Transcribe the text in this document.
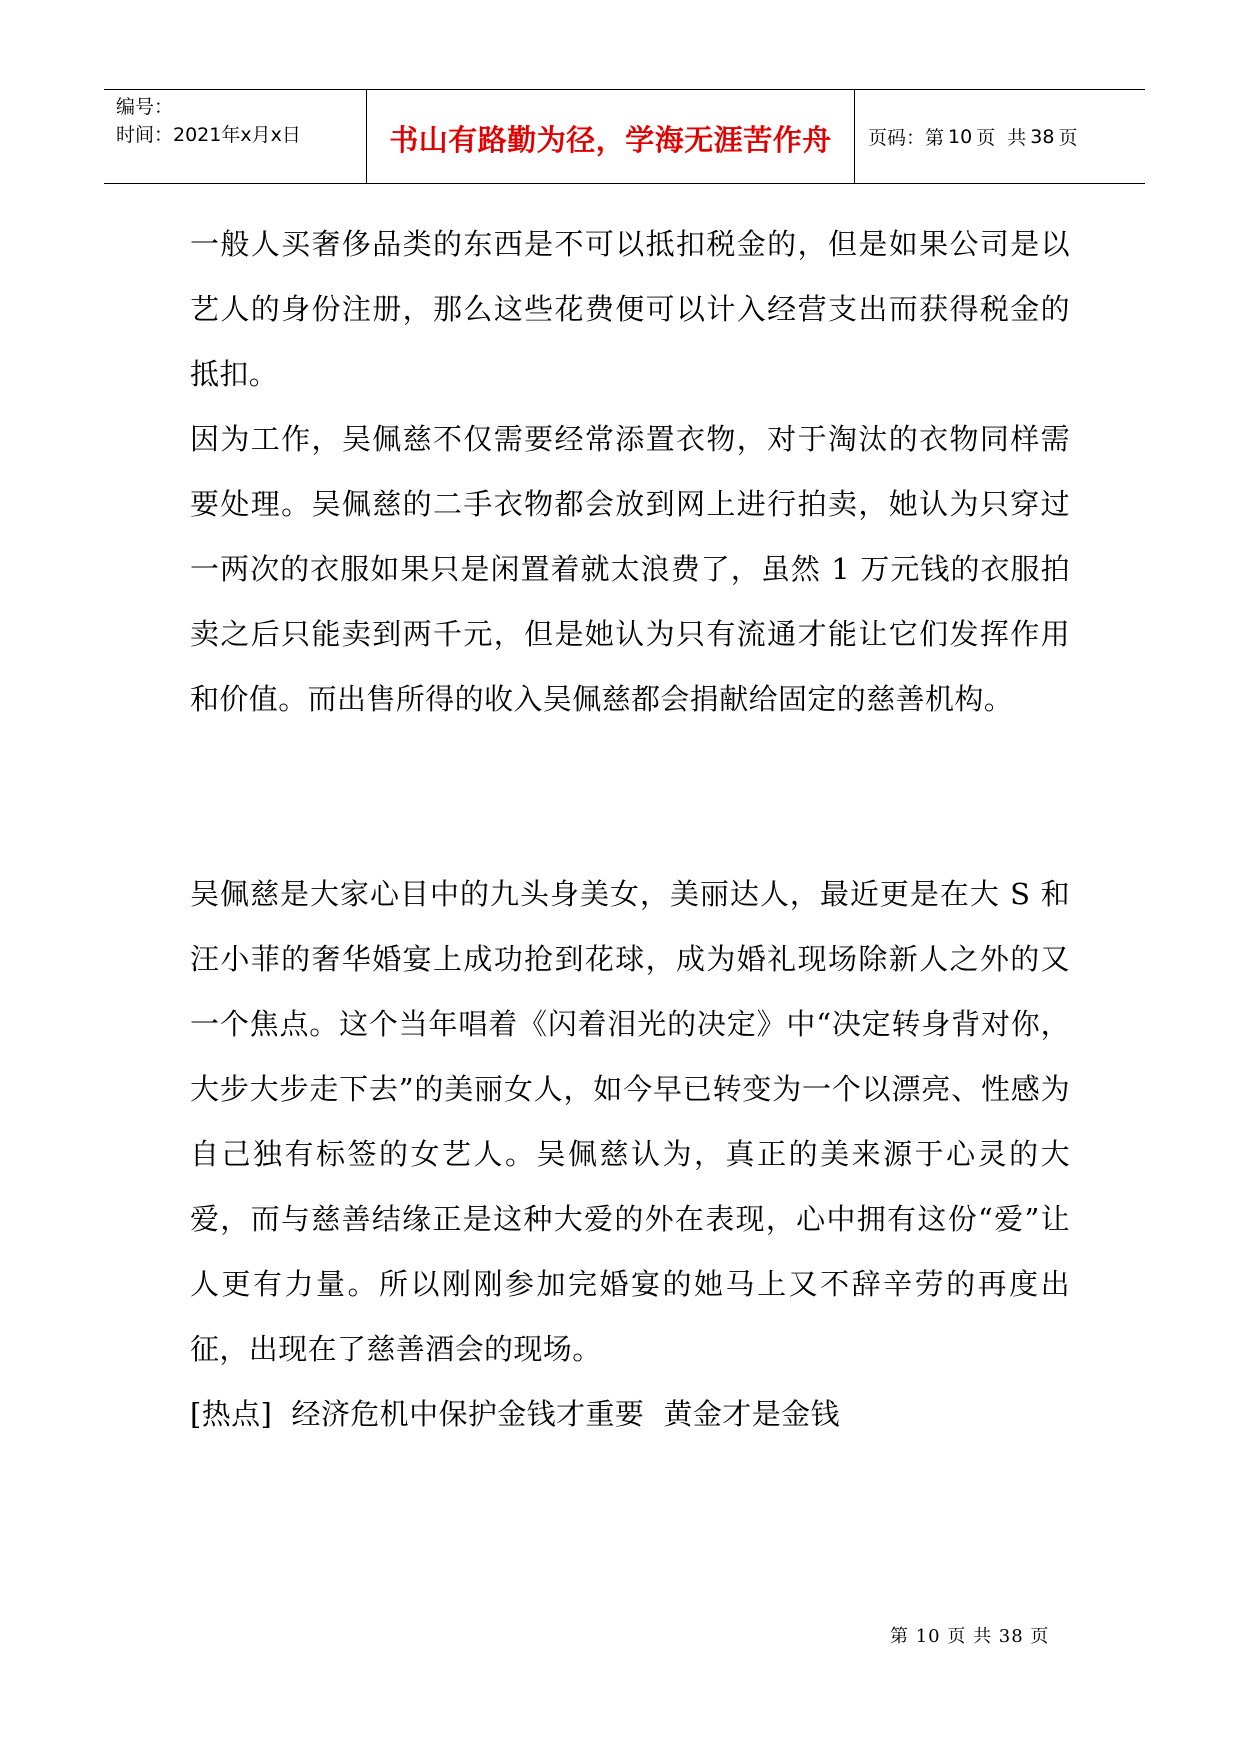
编号：
时间：2021年x月x日	书山有路勤为径，学海无涯苦作舟 页码：第 10 页  共 38 页

一般人买奢侈品类的东西是不可以抵扣税金的，但是如果公司是以艺人的身份注册，那么这些花费便可以计入经营支出而获得税金的抵扣。

因为工作，吴佩慈不仅需要经常添置衣物，对于淘汰的衣物同样需要处理。吴佩慈的二手衣物都会放到网上进行拍卖，她认为只穿过一两次的衣服如果只是闲置着就太浪费了，虽然 1 万元钱的衣服拍卖之后只能卖到两千元，但是她认为只有流通才能让它们发挥作用和价值。而出售所得的收入吴佩慈都会捐献给固定的慈善机构。

吴佩慈是大家心目中的九头身美女，美丽达人，最近更是在大 S 和汪小菲的奢华婚宴上成功抢到花球，成为婚礼现场除新人之外的又一个焦点。这个当年唱着《闪着泪光的决定》中“决定转身背对你，大步大步走下去”的美丽女人，如今早已转变为一个以漂亮、性感为自己独有标签的女艺人。吴佩慈认为，真正的美来源于心灵的大爱，而与慈善结缘正是这种大爱的外在表现，心中拥有这份“爱”让人更有力量。所以刚刚参加完婚宴的她马上又不辞辛劳的再度出征，出现在了慈善酒会的现场。

[热点]  经济危机中保护金钱才重要  黄金才是金钱

第 10 页 共 38 页
